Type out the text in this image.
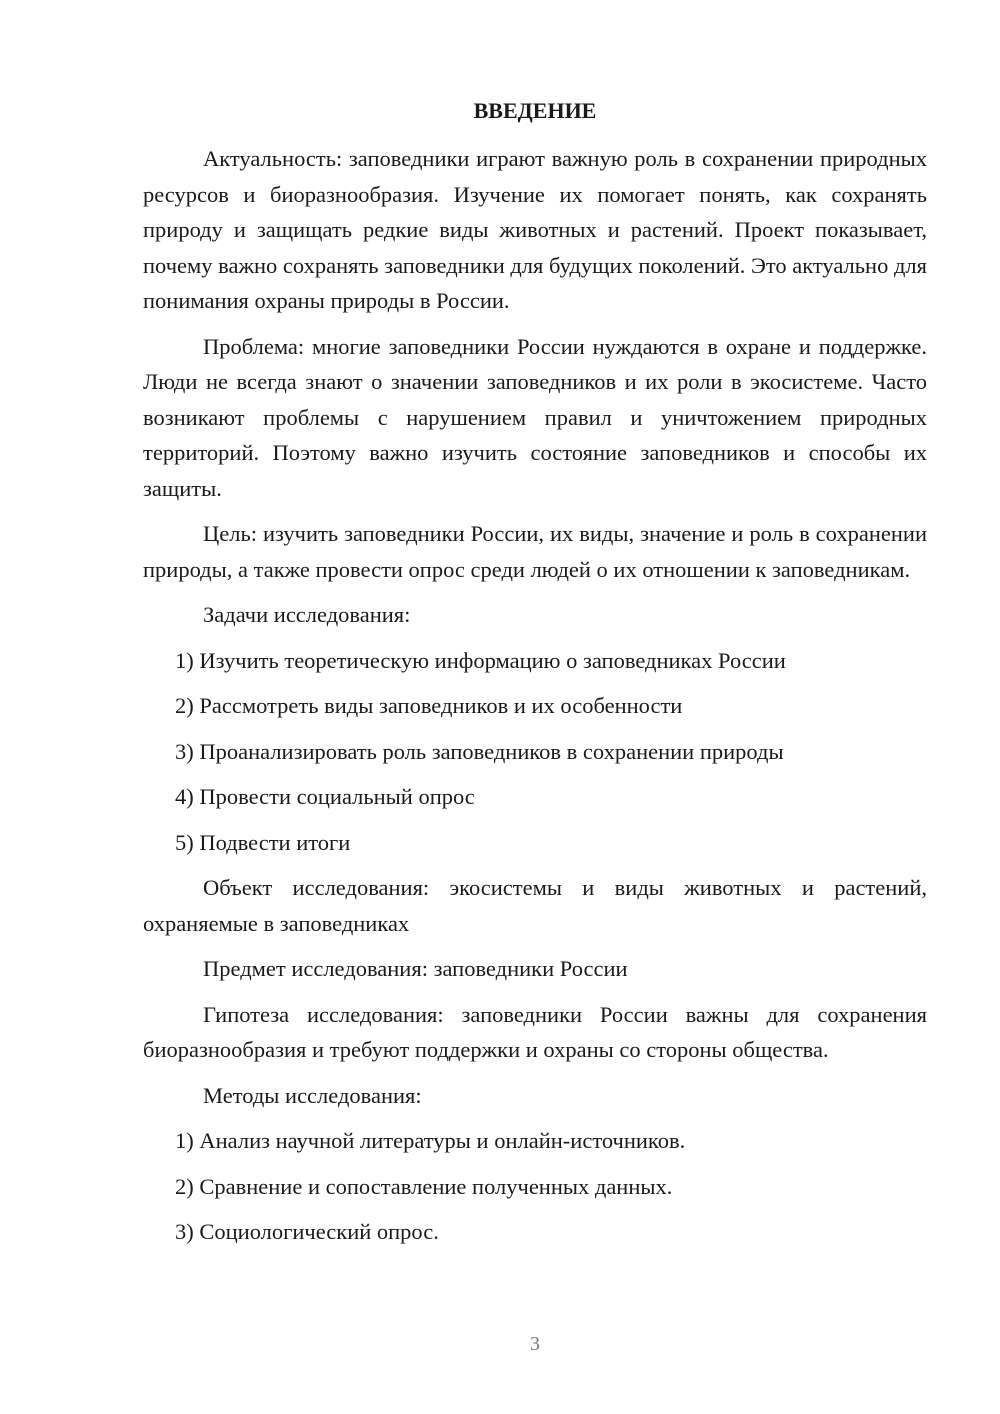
ВВЕДЕНИЕ

Актуальность: заповедники играют важную роль в сохранении природных ресурсов и биоразнообразия. Изучение их помогает понять, как сохранять природу и защищать редкие виды животных и растений. Проект показывает, почему важно сохранять заповедники для будущих поколений. Это актуально для понимания охраны природы в России.

Проблема: многие заповедники России нуждаются в охране и поддержке. Люди не всегда знают о значении заповедников и их роли в экосистеме. Часто возникают проблемы с нарушением правил и уничтожением природных территорий. Поэтому важно изучить состояние заповедников и способы их защиты.

Цель: изучить заповедники России, их виды, значение и роль в сохранении природы, а также провести опрос среди людей о их отношении к заповедникам.

Задачи исследования:

1) Изучить теоретическую информацию о заповедниках России

2) Рассмотреть виды заповедников и их особенности

3) Проанализировать роль заповедников в сохранении природы

4) Провести социальный опрос

5) Подвести итоги

Объект исследования: экосистемы и виды животных и растений, охраняемые в заповедниках

Предмет исследования: заповедники России

Гипотеза исследования: заповедники России важны для сохранения биоразнообразия и требуют поддержки и охраны со стороны общества.

Методы исследования:

1) Анализ научной литературы и онлайн-источников.

2) Сравнение и сопоставление полученных данных.

3) Социологический опрос.

3
